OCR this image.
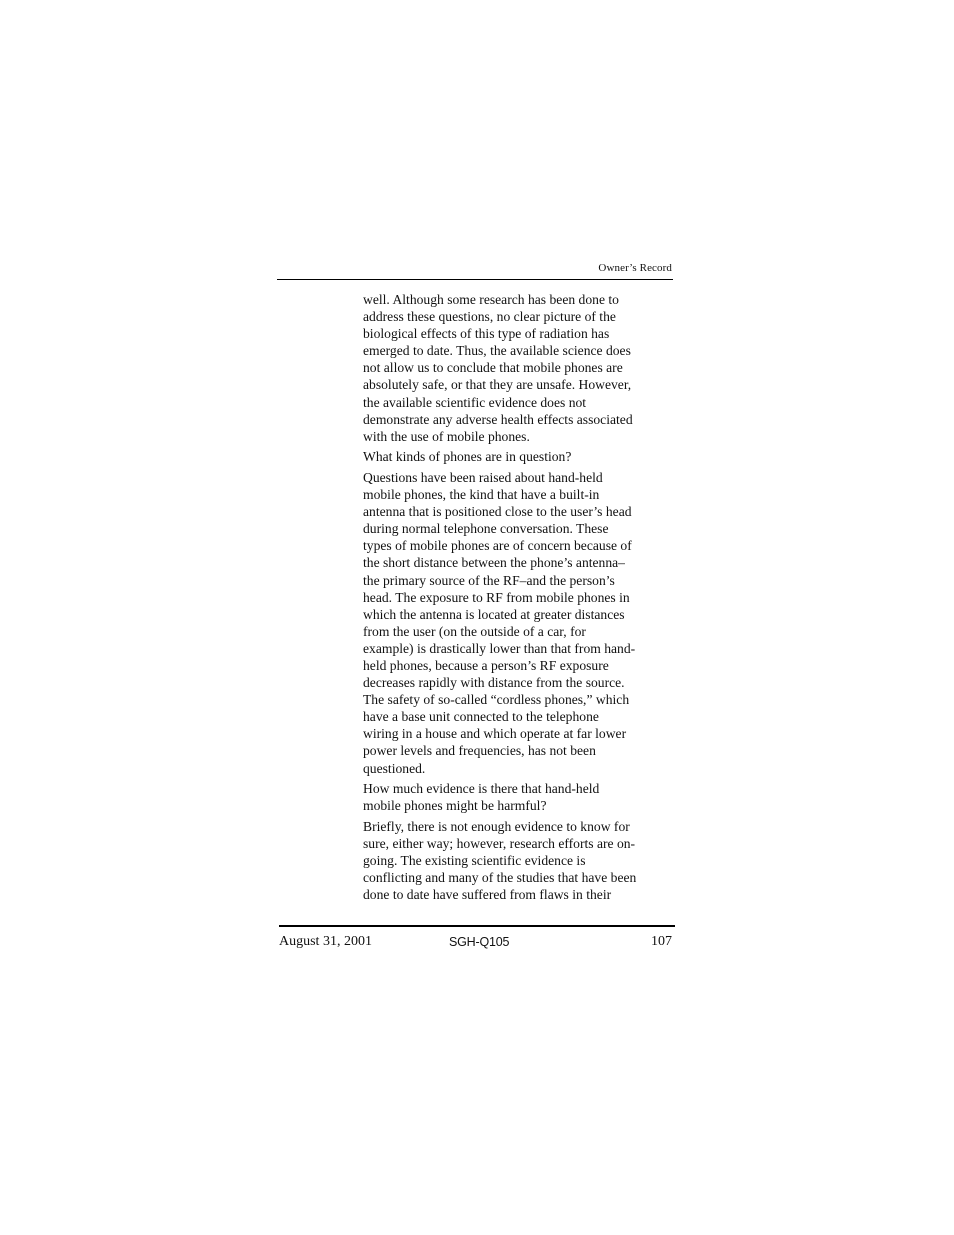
Owner’s Record

well. Although some research has been done to
address these questions, no clear picture of the
biological effects of this type of radiation has
emerged to date. Thus, the available science does
not allow us to conclude that mobile phones are
absolutely safe, or that they are unsafe. However,
the available scientific evidence does not
demonstrate any adverse health effects associated
with the use of mobile phones.

What kinds of phones are in question?

Questions have been raised about hand-held
mobile phones, the kind that have a built-in
antenna that is positioned close to the user’s head
during normal telephone conversation. These
types of mobile phones are of concern because of
the short distance between the phone’s antenna–
the primary source of the RF–and the person’s
head. The exposure to RF from mobile phones in
which the antenna is located at greater distances
from the user (on the outside of a car, for
example) is drastically lower than that from hand-
held phones, because a person’s RF exposure
decreases rapidly with distance from the source.
The safety of so-called “cordless phones,” which
have a base unit connected to the telephone
wiring in a house and which operate at far lower
power levels and frequencies, has not been
questioned.

How much evidence is there that hand-held
mobile phones might be harmful?

Briefly, there is not enough evidence to know for
sure, either way; however, research efforts are on-
going. The existing scientific evidence is
conflicting and many of the studies that have been
done to date have suffered from flaws in their

August 31, 2001	SGH-Q105	107
